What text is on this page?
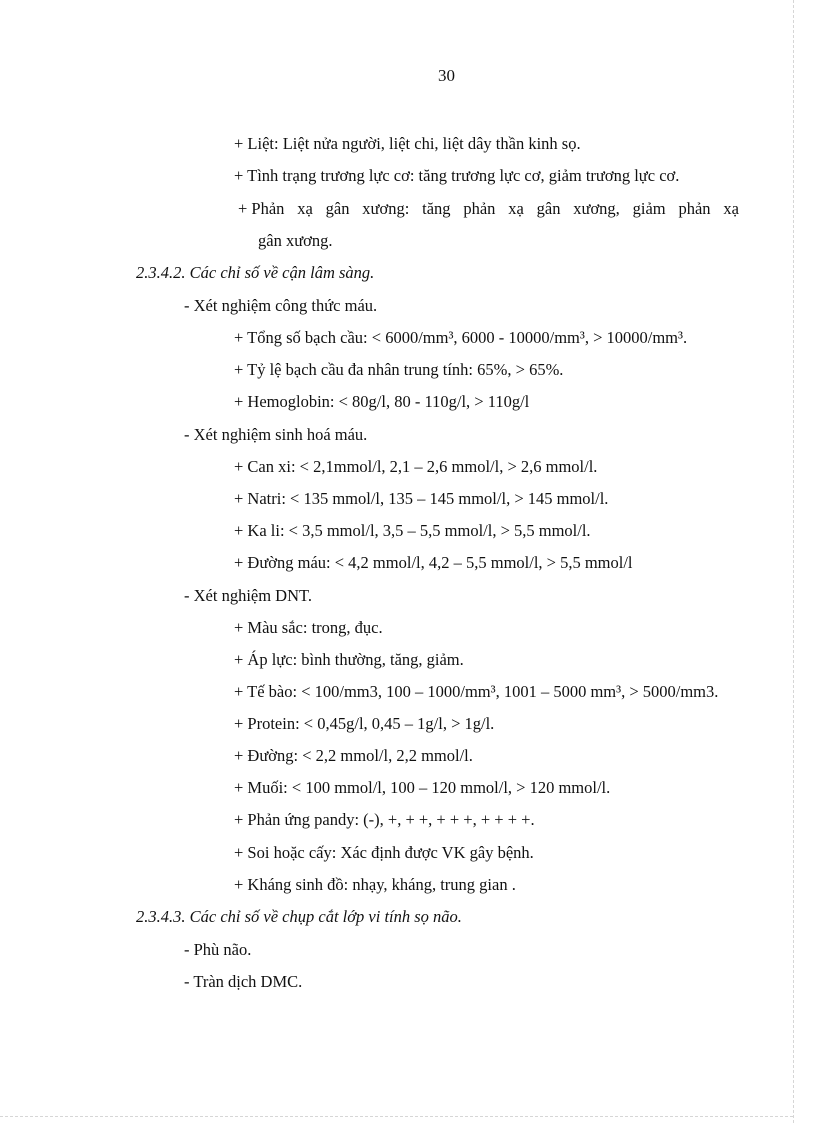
30
+ Liệt: Liệt nửa người, liệt chi, liệt dây thần kinh sọ.
+ Tình trạng trương lực cơ: tăng trương lực cơ, giảm trương lực cơ.
+ Phản xạ gân xương: tăng phản xạ gân xương, giảm phản xạ
gân xương.
2.3.4.2. Các chỉ số về cận lâm sàng.
- Xét nghiệm công thức máu.
+ Tổng số bạch cầu: < 6000/mm³, 6000 - 10000/mm³, > 10000/mm³.
+ Tỷ lệ bạch cầu đa nhân trung tính: 65%, > 65%.
+ Hemoglobin: < 80g/l, 80 - 110g/l, > 110g/l
- Xét nghiệm sinh hoá máu.
+ Can xi: < 2,1mmol/l, 2,1 – 2,6 mmol/l, > 2,6 mmol/l.
+ Natri: < 135 mmol/l, 135 – 145 mmol/l, > 145 mmol/l.
+ Ka li: < 3,5 mmol/l, 3,5 – 5,5 mmol/l, > 5,5 mmol/l.
+ Đường máu: < 4,2 mmol/l, 4,2 – 5,5 mmol/l, > 5,5 mmol/l
- Xét nghiệm DNT.
+ Màu sắc: trong, đục.
+ Áp lực: bình thường, tăng, giảm.
+ Tế bào: < 100/mm3, 100 – 1000/mm³, 1001 – 5000 mm³, > 5000/mm3.
+ Protein: < 0,45g/l, 0,45 – 1g/l, > 1g/l.
+ Đường: < 2,2 mmol/l, 2,2 mmol/l.
+ Muối: < 100 mmol/l, 100 – 120 mmol/l, > 120 mmol/l.
+ Phản ứng pandy: (-), +, + +, + + +, + + + +.
+ Soi hoặc cấy: Xác định được VK gây bệnh.
+ Kháng sinh đồ: nhạy, kháng, trung gian .
2.3.4.3. Các chỉ số về chụp cắt lớp vi tính sọ não.
- Phù não.
- Tràn dịch DMC.
